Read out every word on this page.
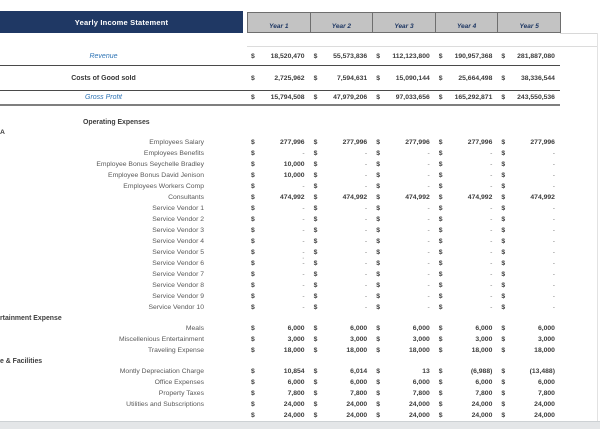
Yearly Income Statement	Year 1	Year 2	Year 3	Year 4	Year 5
Revenue	$ 18,520,470 $ 55,573,836 $ 112,123,800 $ 190,957,368 $ 281,887,080
Costs of Good sold	$	2,725,962 $	7,594,631 $ 15,090,144 $ 25,664,498 $ 38,336,544
Gross Profit	$ 15,794,508 $ 47,979,206 $ 97,033,656 $ 165,292,871 $ 243,550,536
Operating Expenses
A
Employees Salary	$	277,996 $	277,996 $	277,996 $	277,996 $	277,996
Employees Benefits	$	- $	- $	- $	- $	-
Employee Bonus Seychelle Bradley	$	10,000 $	- $	- $	- $	-
Employee Bonus David Jenison	$	10,000 $	- $	- $	- $	-
Employees Workers Comp	$	- $	- $	- $	- $	-
Consultants	$	474,992 $	474,992 $	474,992 $	474,992 $	474,992
Service Vendor 1	$	- $	- $	- $	- $	-
Service Vendor 2	$	- $	- $	- $	- $	-
Service Vendor 3	$	- $	- $	- $	- $	-
Service Vendor 4	$	- $	- $	- $	- $	-
Service Vendor 5	$	- $	- $	- $	- $	-
Service Vendor 6	$	- $	- $	- $	- $	-
Service Vendor 7	$	- $	- $	- $	- $	-
Service Vendor 8	$	- $	- $	- $	- $	-
Service Vendor 9	$	- $	- $	- $	- $	-
Service Vendor 10	$	- $	- $	- $	- $	-
rtainment Expense
Meals	$	6,000 $	6,000 $	6,000 $	6,000 $	6,000
Miscellenious Entertainment	$	3,000 $	3,000 $	3,000 $	3,000 $	3,000
Traveling Expense	$	18,000 $	18,000 $	18,000 $	18,000 $	18,000
e & Facilities
Montly Depreciation Charge	$	10,854 $	6,014 $	13 $	(6,988) $	(13,488)
Office Expenses	$	6,000 $	6,000 $	6,000 $	6,000 $	6,000
Property Taxes	$	7,800 $	7,800 $	7,800 $	7,800 $	7,800
Utilities and Subscriptions	$	24,000 $	24,000 $	24,000 $	24,000 $	24,000
$	24,000 $	24,000 $	24,000 $	24,000 $	24,000
·
